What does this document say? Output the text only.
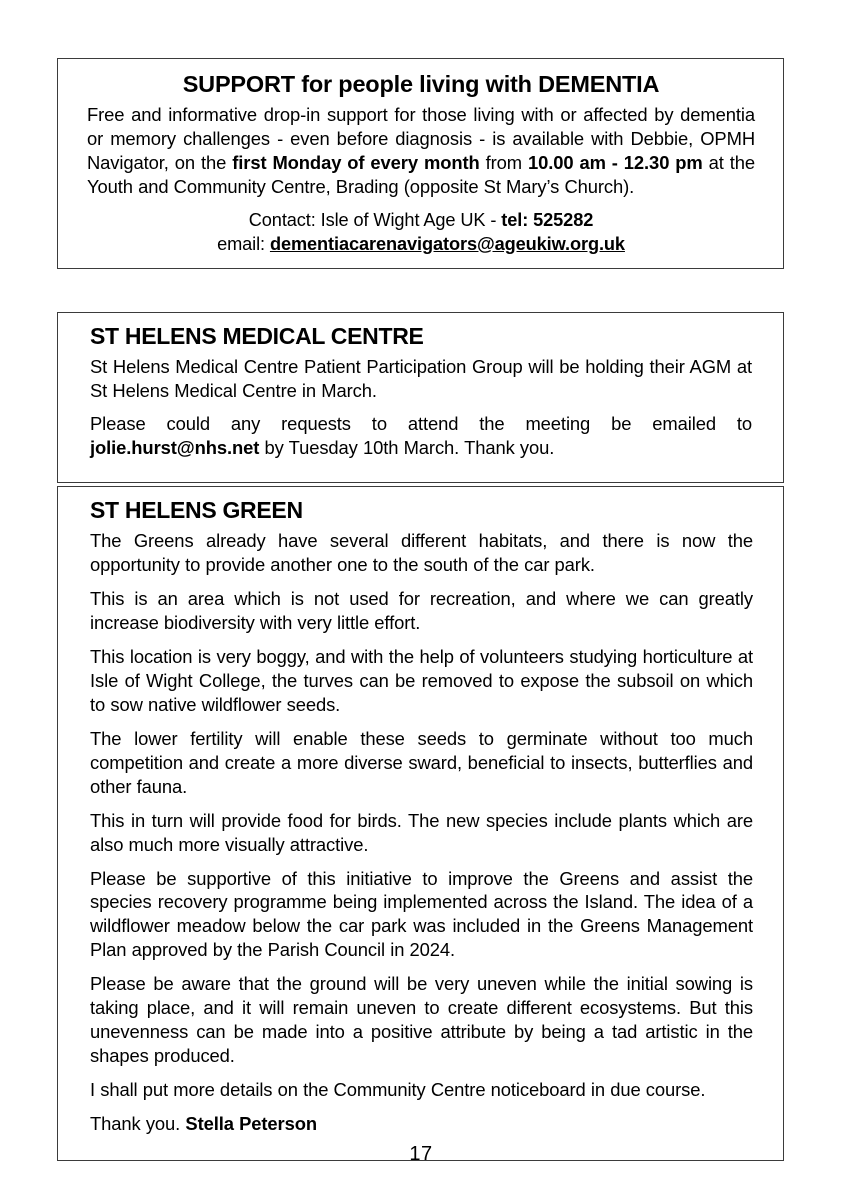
SUPPORT for people living with DEMENTIA

Free and informative drop-in support for those living with or affected by dementia or memory challenges - even before diagnosis - is available with Debbie, OPMH Navigator, on the first Monday of every month from 10.00 am - 12.30 pm at the Youth and Community Centre, Brading (opposite St Mary’s Church).

Contact: Isle of Wight Age UK - tel: 525282

email: dementiacarenavigators@ageukiw.org.uk

ST HELENS MEDICAL CENTRE

St Helens Medical Centre Patient Participation Group will be holding their AGM at St Helens Medical Centre in March.

Please could any requests to attend the meeting be emailed to jolie.hurst@nhs.net by Tuesday 10th March. Thank you.

ST HELENS GREEN

The Greens already have several different habitats, and there is now the opportunity to provide another one to the south of the car park.

This is an area which is not used for recreation, and where we can greatly increase biodiversity with very little effort.

This location is very boggy, and with the help of volunteers studying horticulture at Isle of Wight College, the turves can be removed to expose the subsoil on which to sow native wildflower seeds.

The lower fertility will enable these seeds to germinate without too much competition and create a more diverse sward, beneficial to insects, butterflies and other fauna.

This in turn will provide food for birds. The new species include plants which are also much more visually attractive.

Please be supportive of this initiative to improve the Greens and assist the species recovery programme being implemented across the Island. The idea of a wildflower meadow below the car park was included in the Greens Management Plan approved by the Parish Council in 2024.

Please be aware that the ground will be very uneven while the initial sowing is taking place, and it will remain uneven to create different ecosystems. But this unevenness can be made into a positive attribute by being a tad artistic in the shapes produced.

I shall put more details on the Community Centre noticeboard in due course.

Thank you. Stella Peterson

17
